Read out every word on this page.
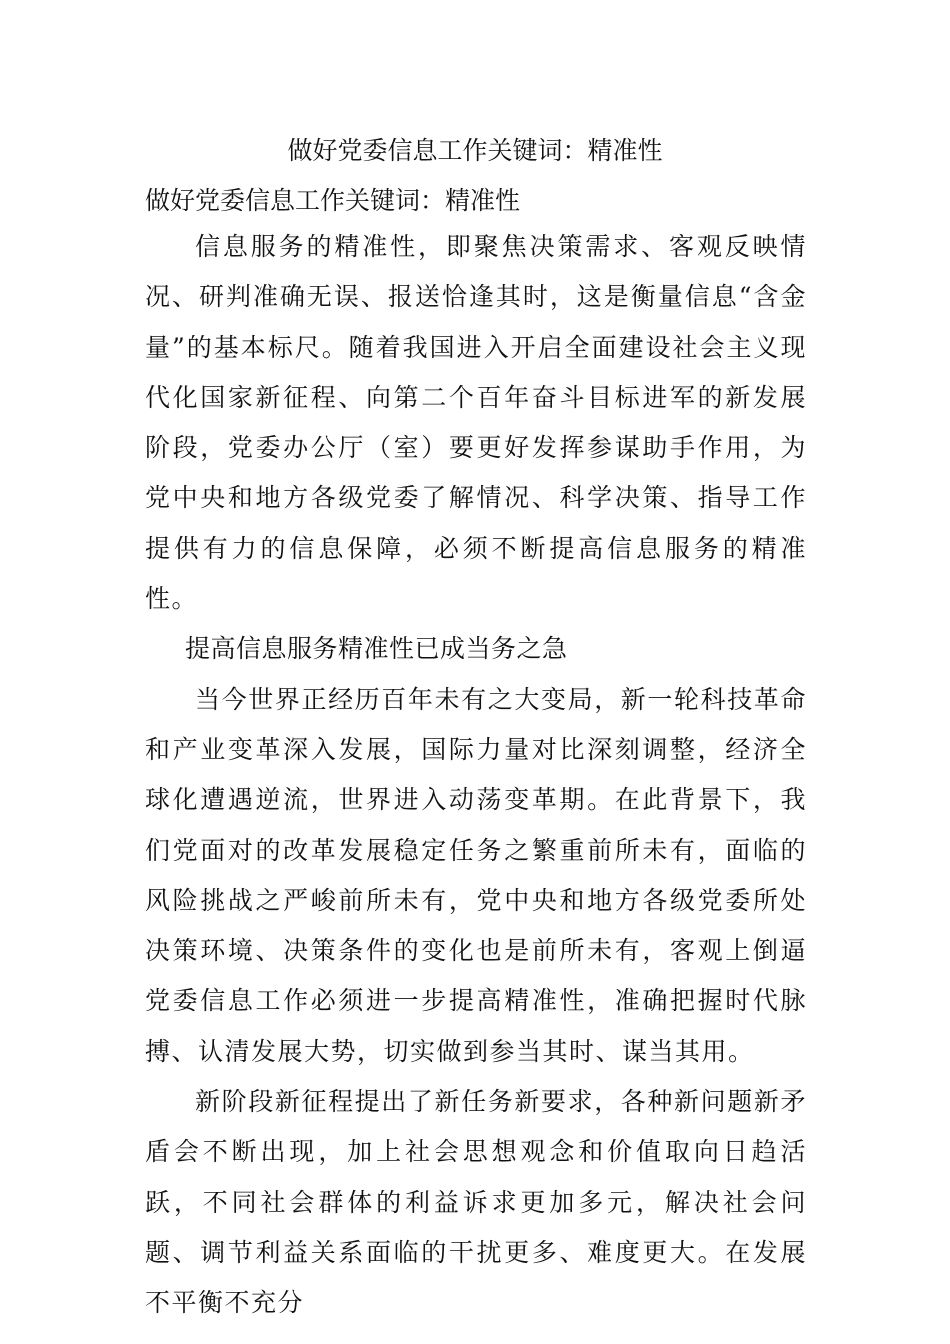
做好党委信息工作关键词：精准性
做好党委信息工作关键词：精准性

信息服务的精准性，即聚焦决策需求、客观反映情况、研判准确无误、报送恰逢其时，这是衡量信息“含金量”的基本标尺。随着我国进入开启全面建设社会主义现代化国家新征程、向第二个百年奋斗目标进军的新发展阶段，党委办公厅（室）要更好发挥参谋助手作用，为党中央和地方各级党委了解情况、科学决策、指导工作提供有力的信息保障，必须不断提高信息服务的精准性。

提高信息服务精准性已成当务之急

当今世界正经历百年未有之大变局，新一轮科技革命和产业变革深入发展，国际力量对比深刻调整，经济全球化遭遇逆流，世界进入动荡变革期。在此背景下，我们党面对的改革发展稳定任务之繁重前所未有，面临的风险挑战之严峻前所未有，党中央和地方各级党委所处决策环境、决策条件的变化也是前所未有，客观上倒逼党委信息工作必须进一步提高精准性，准确把握时代脉搏、认清发展大势，切实做到参当其时、谋当其用。

新阶段新征程提出了新任务新要求，各种新问题新矛盾会不断出现，加上社会思想观念和价值取向日趋活跃，不同社会群体的利益诉求更加多元，解决社会问题、调节利益关系面临的干扰更多、难度更大。在发展不平衡不充分
